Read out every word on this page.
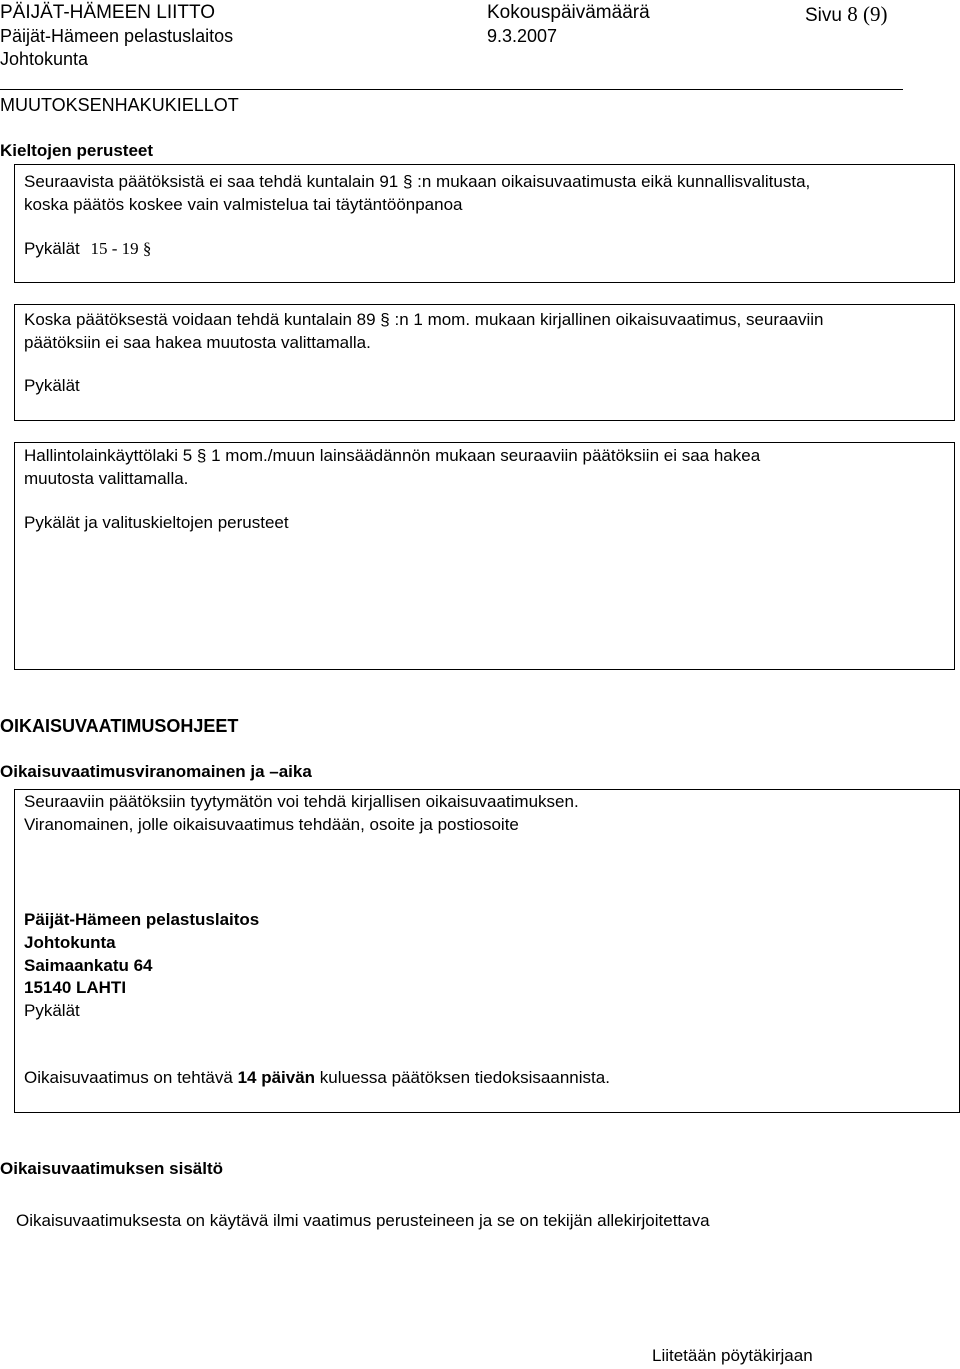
PÄIJÄT-HÄMEEN LIITTO
Päijät-Hämeen pelastuslaitos
Johtokunta
Kokouspäivämäärä
9.3.2007
Sivu 8 (9)
MUUTOKSENHAKUKIELLOT
Kieltojen perusteet
Seuraavista päätöksistä ei saa tehdä kuntalain 91 § :n mukaan oikaisuvaatimusta eikä kunnallisvalitusta,
koska päätös koskee vain valmistelua tai täytäntöönpanoa
Pykälät 15 - 19 §
Koska päätöksestä voidaan tehdä kuntalain 89 § :n 1 mom. mukaan kirjallinen oikaisuvaatimus, seuraaviin
päätöksiin ei saa hakea muutosta valittamalla.
Pykälät
Hallintolainkäyttölaki 5 § 1 mom./muun lainsäädännön mukaan seuraaviin päätöksiin ei saa hakea
muutosta valittamalla.
Pykälät ja valituskieltojen perusteet
OIKAISUVAATIMUSOHJEET
Oikaisuvaatimusviranomainen ja –aika
Seuraaviin päätöksiin tyytymätön voi tehdä kirjallisen oikaisuvaatimuksen.
Viranomainen, jolle oikaisuvaatimus tehdään, osoite ja postiosoite
Päijät-Hämeen pelastuslaitos
Johtokunta
Saimaankatu 64
15140 LAHTI
Pykälät
Oikaisuvaatimus on tehtävä 14 päivän kuluessa päätöksen tiedoksisaannista.
Oikaisuvaatimuksen sisältö
Oikaisuvaatimuksesta on käytävä ilmi vaatimus perusteineen ja se on tekijän allekirjoitettava
Liitetään pöytäkirjaan
